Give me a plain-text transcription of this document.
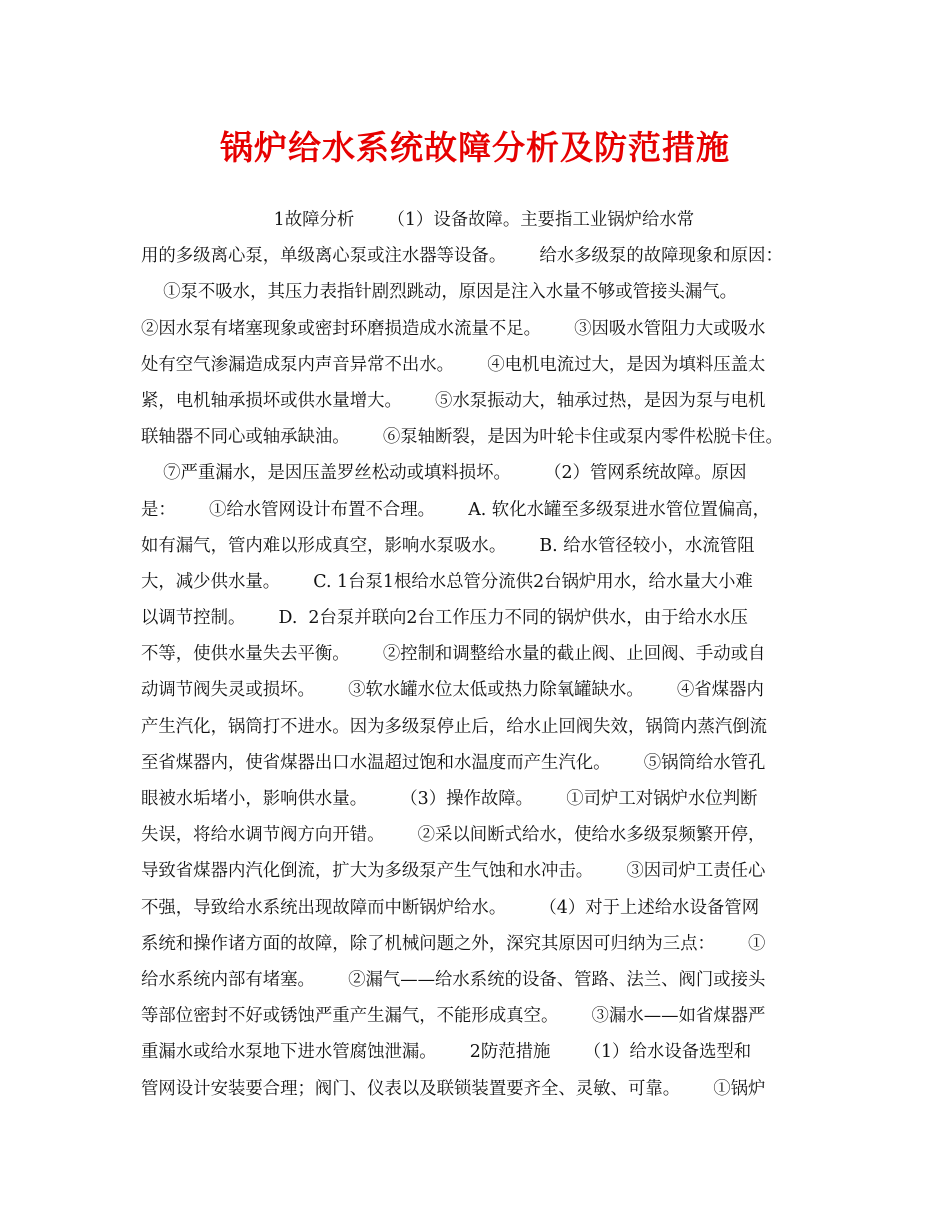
锅炉给水系统故障分析及防范措施
1故障分析      （1）设备故障。主要指工业锅炉给水常
用的多级离心泵，单级离心泵或注水器等设备。      给水多级泵的故障现象和原因：
①泵不吸水，其压力表指针剧烈跳动，原因是注入水量不够或管接头漏气。
②因水泵有堵塞现象或密封环磨损造成水流量不足。      ③因吸水管阻力大或吸水
处有空气渗漏造成泵内声音异常不出水。      ④电机电流过大，是因为填料压盖太
紧，电机轴承损坏或供水量增大。      ⑤水泵振动大，轴承过热，是因为泵与电机
联轴器不同心或轴承缺油。      ⑥泵轴断裂，是因为叶轮卡住或泵内零件松脱卡住。
⑦严重漏水，是因压盖罗丝松动或填料损坏。      （2）管网系统故障。原因
是：      ①给水管网设计布置不合理。      A. 软化水罐至多级泵进水管位置偏高，
如有漏气，管内难以形成真空，影响水泵吸水。      B. 给水管径较小，水流管阻
大，减少供水量。      C. 1台泵1根给水总管分流供2台锅炉用水，给水量大小难
以调节控制。      D.  2台泵并联向2台工作压力不同的锅炉供水，由于给水水压
不等，使供水量失去平衡。      ②控制和调整给水量的截止阀、止回阀、手动或自
动调节阀失灵或损坏。      ③软水罐水位太低或热力除氧罐缺水。      ④省煤器内
产生汽化，锅筒打不进水。因为多级泵停止后，给水止回阀失效，锅筒内蒸汽倒流
至省煤器内，使省煤器出口水温超过饱和水温度而产生汽化。      ⑤锅筒给水管孔
眼被水垢堵小，影响供水量。      （3）操作故障。      ①司炉工对锅炉水位判断
失误，将给水调节阀方向开错。      ②采以间断式给水，使给水多级泵频繁开停，
导致省煤器内汽化倒流，扩大为多级泵产生气蚀和水冲击。      ③因司炉工责任心
不强，导致给水系统出现故障而中断锅炉给水。      （4）对于上述给水设备管网
系统和操作诸方面的故障，除了机械问题之外，深究其原因可归纳为三点：      ①
给水系统内部有堵塞。      ②漏气——给水系统的设备、管路、法兰、阀门或接头
等部位密封不好或锈蚀严重产生漏气，不能形成真空。      ③漏水——如省煤器严
重漏水或给水泵地下进水管腐蚀泄漏。      2防范措施      （1）给水设备选型和
管网设计安装要合理；阀门、仪表以及联锁装置要齐全、灵敏、可靠。      ①锅炉
